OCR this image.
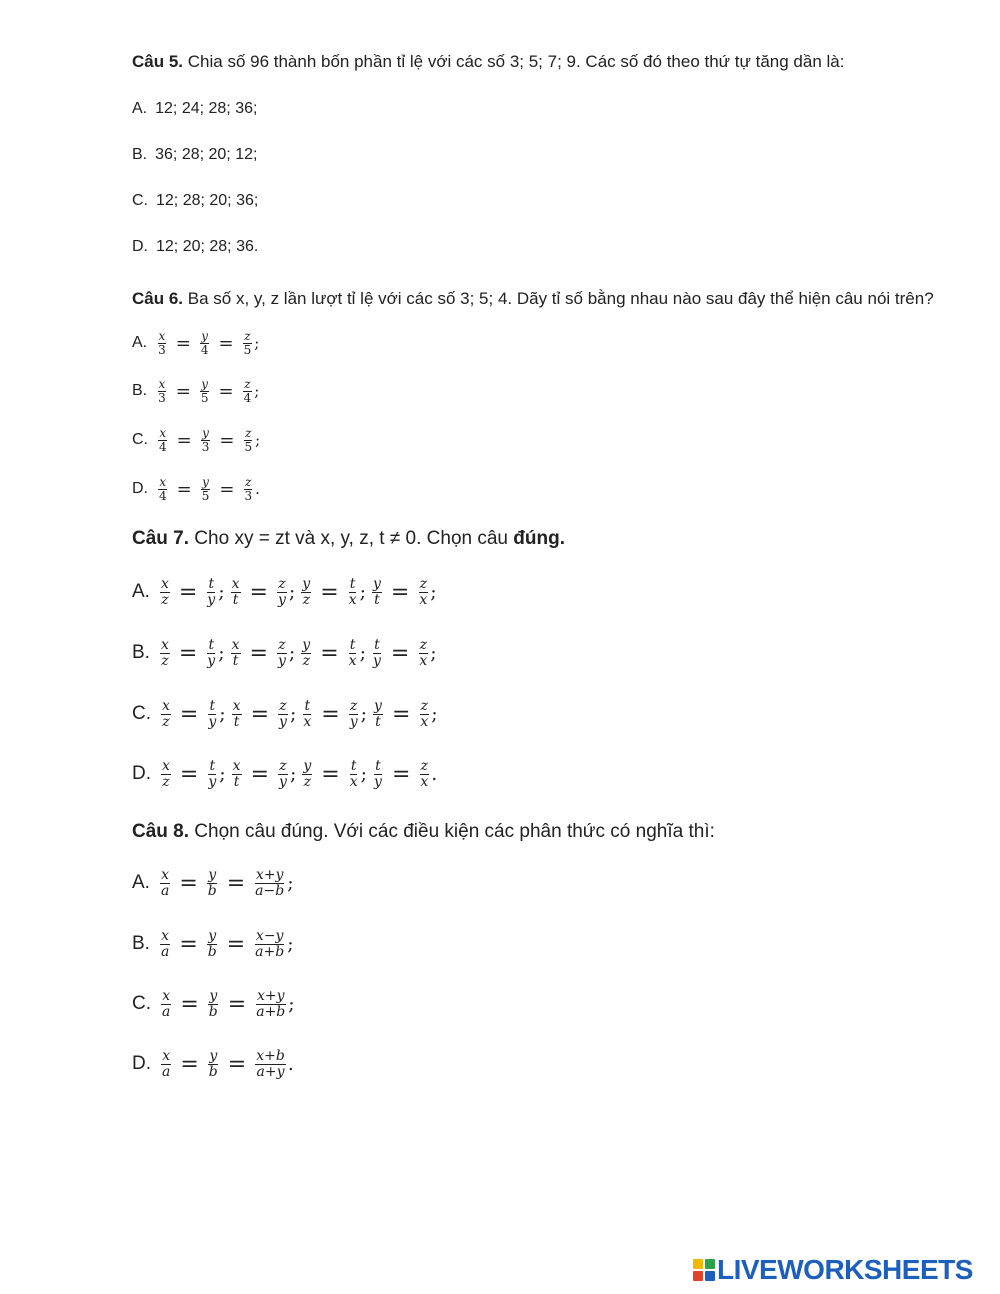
Câu 5. Chia số 96 thành bốn phần tỉ lệ với các số 3; 5; 7; 9. Các số đó theo thứ tự tăng dần là:
A. 12; 24; 28; 36;
B. 36; 28; 20; 12;
C. 12; 28; 20; 36;
D. 12; 20; 28; 36.
Câu 6. Ba số x, y, z lần lượt tỉ lệ với các số 3; 5; 4. Dãy tỉ số bằng nhau nào sau đây thể hiện câu nói trên?
A. $\frac{x}{3} = \frac{y}{4} = \frac{z}{5}$ ;
B. $\frac{x}{3} = \frac{y}{5} = \frac{z}{4}$ ;
C. $\frac{x}{4} = \frac{y}{3} = \frac{z}{5}$ ;
D. $\frac{x}{4} = \frac{y}{5} = \frac{z}{3}$ .
Câu 7. Cho xy = zt và x, y, z, t ≠ 0. Chọn câu đúng.
A. $\frac{x}{z} = \frac{t}{y}$ ; $\frac{x}{t} = \frac{z}{y}$ ; $\frac{y}{z} = \frac{t}{x}$ ; $\frac{y}{t} = \frac{z}{x}$ ;
B. $\frac{x}{z} = \frac{t}{y}$ ; $\frac{x}{t} = \frac{z}{y}$ ; $\frac{y}{z} = \frac{t}{x}$ ; $\frac{t}{y} = \frac{z}{x}$ ;
C. $\frac{x}{z} = \frac{t}{y}$ ; $\frac{x}{t} = \frac{z}{y}$ ; $\frac{t}{x} = \frac{z}{y}$ ; $\frac{y}{t} = \frac{z}{x}$ ;
D. $\frac{x}{z} = \frac{t}{y}$ ; $\frac{x}{t} = \frac{z}{y}$ ; $\frac{y}{z} = \frac{t}{x}$ ; $\frac{t}{y} = \frac{z}{x}$ .
Câu 8. Chọn câu đúng. Với các điều kiện các phân thức có nghĩa thì:
A. $\frac{x}{a} = \frac{y}{b} = \frac{x+y}{a-b}$ ;
B. $\frac{x}{a} = \frac{y}{b} = \frac{x-y}{a+b}$ ;
C. $\frac{x}{a} = \frac{y}{b} = \frac{x+y}{a+b}$ ;
D. $\frac{x}{a} = \frac{y}{b} = \frac{x+b}{a+y}$ .
LIVEWORKSHEETS
